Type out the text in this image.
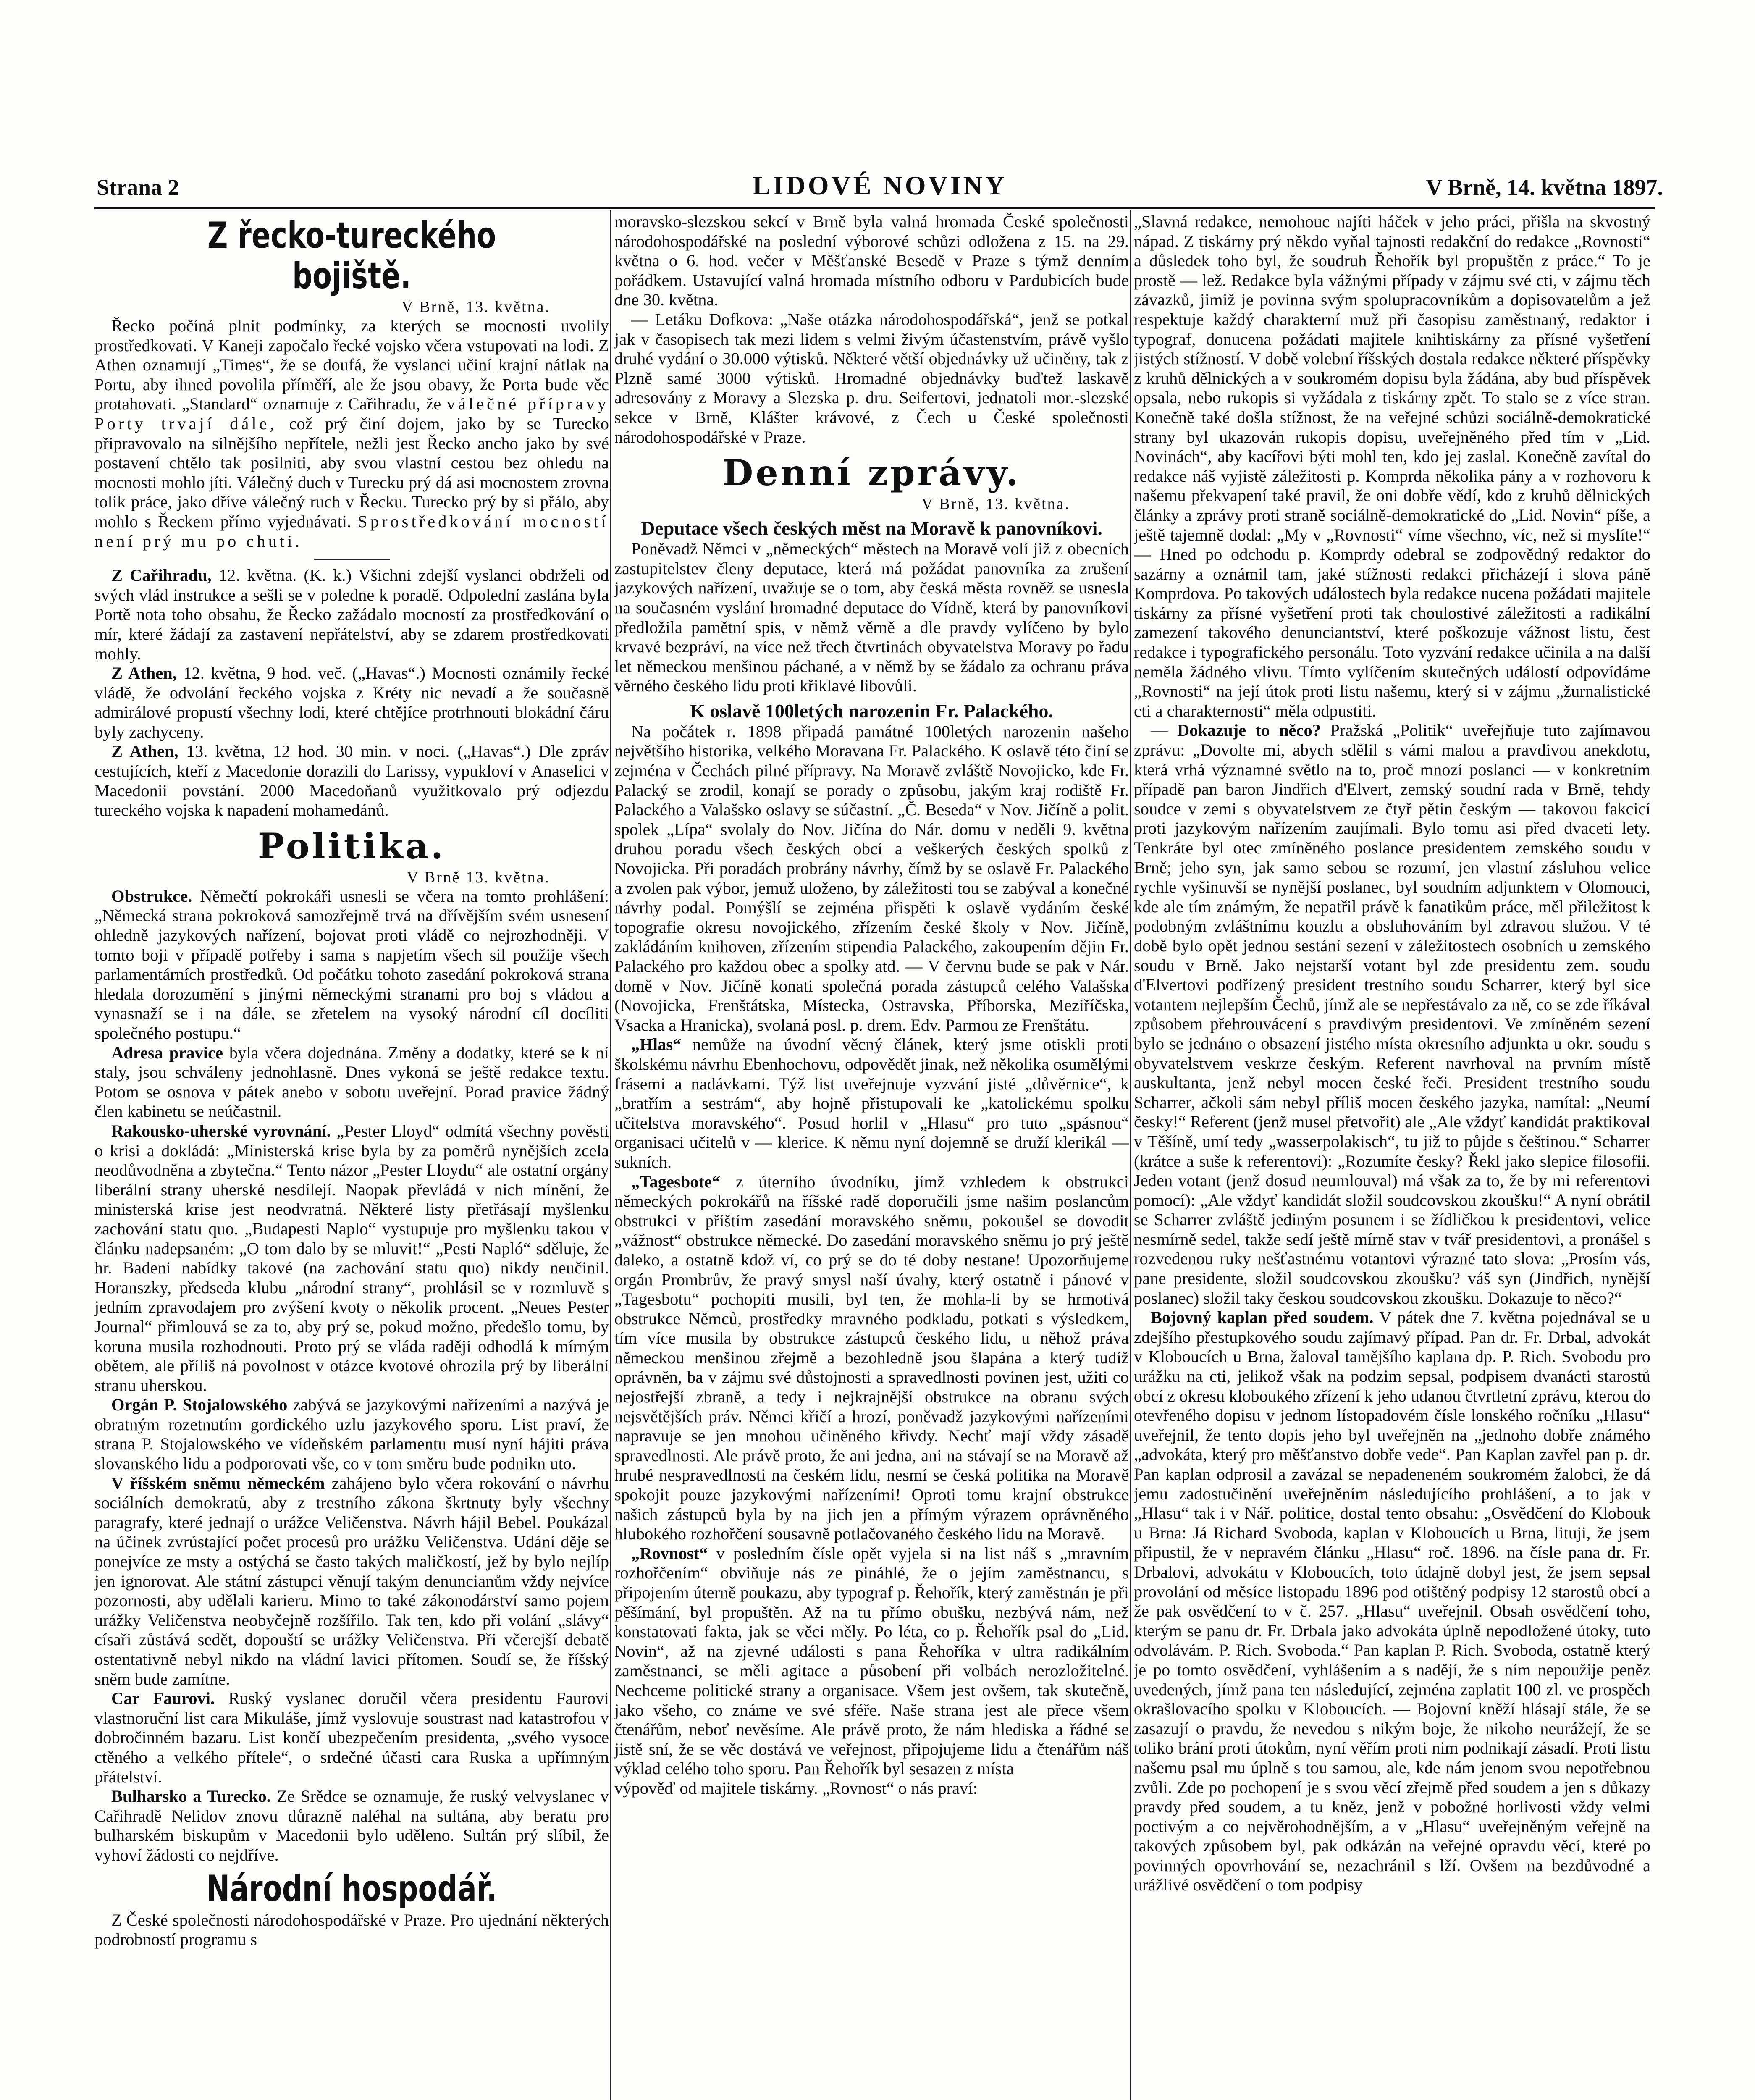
Strana 2	LIDOVÉ NOVINY	V Brně, 14. května 1897.
Z řecko-tureckého bojiště.
V Brně, 13. května.

Řecko počíná plnit podmínky, za kterých se mocnosti uvolily prostředkovati. V Kaneji započalo řecké vojsko včera vstupovati na lodi. Z Athen oznamují „Times“, že se doufá, že vyslanci učiní krajní nátlak na Portu, aby ihned povolila příměří, ale že jsou obavy, že Porta bude věc protahovati. „Standard“ oznamuje z Cařihradu, že válečné přípravy Porty trvají dále, což prý činí dojem, jako by se Turecko připravovalo na silnějšího nepřítele, nežli jest Řecko ancho jako by své postavení chtělo tak posilniti, aby svou vlastní cestou bez ohledu na mocnosti mohlo jíti. Válečný duch v Turecku prý dá asi mocnostem zrovna tolik práce, jako dříve válečný ruch v Řecku. Turecko prý by si přálo, aby mohlo s Řeckem přímo vyjednávati. Sprostředkování mocností není prý mu po chuti.

Z Cařihradu, 12. května. (K. k.) Všichni zdejší vyslanci obdrželi od svých vlád instrukce a sešli se v poledne k poradě. Odpolední zaslána byla Portě nota toho obsahu, že Řecko zažádalo mocností za prostředkování o mír, které žádají za zastavení nepřátelství, aby se zdarem prostředkovati mohly.

Z Athen, 12. května, 9 hod. več. („Havas“.) Mocnosti oznámily řecké vládě, že odvolání řeckého vojska z Kréty nic nevadí a že současně admirálové propustí všechny lodi, které chtějíce protrhnouti blokádní čáru byly zachyceny.

Z Athen, 13. května, 12 hod. 30 min. v noci. („Havas“.) Dle zpráv cestujících, kteří z Macedonie dorazili do Larissy, vypukloví v Anaselici v Macedonii povstání. 2000 Macedoňanů využitkovalo prý odjezdu tureckého vojska k napadení mohamedánů.

Politika.
V Brně 13. května.

Obstrukce. Němečtí pokrokáři usnesli se včera na tomto prohlášení: „Německá strana pokroková samozřejmě trvá na dřívějším svém usnesení ohledně jazykových nařízení, bojovat proti vládě co nejrozhodněji. V tomto boji v případě potřeby i sama s napjetím všech sil použije všech parlamentárních prostředků. Od počátku tohoto zasedání pokroková strana hledala dorozumění s jinými německými stranami pro boj s vládou a vynasnaží se i na dále, se zřetelem na vysoký národní cíl docíliti společného postupu.“

Adresa pravice byla včera dojednána. Změny a dodatky, které se k ní staly, jsou schváleny jednohlasně. Dnes vykoná se ještě redakce textu. Potom se osnova v pátek anebo v sobotu uveřejní. Porad pravice žádný člen kabinetu se neúčastnil.

Rakousko-uherské vyrovnání. „Pester Lloyd“ odmítá všechny pověsti o krisi a dokládá: „Ministerská krise byla by za poměrů nynějších zcela neodůvodněna a zbytečna.“ Tento názor „Pester Lloydu“ ale ostatní orgány liberální strany uherské nesdílejí. Naopak převládá v nich mínění, že ministerská krise jest neodvratná. Některé listy přetřásají myšlenku zachování statu quo. „Budapesti Naplo“ vystupuje pro myšlenku takou v článku nadepsaném: „O tom dalo by se mluvit!“ „Pesti Napló“ sděluje, že hr. Badeni nabídky takové (na zachování statu quo) nikdy neučinil. Horanszky, předseda klubu „národní strany“, prohlásil se v rozmluvě s jedním zpravodajem pro zvýšení kvoty o několik procent. „Neues Pester Journal“ přimlouvá se za to, aby prý se, pokud možno, předešlo tomu, by koruna musila rozhodnouti. Proto prý se vláda raději odhodlá k mírným obětem, ale příliš ná povolnost v otázce kvotové ohrozila prý by liberální stranu uherskou.

Orgán P. Stojalowského zabývá se jazykovými nařízeními a nazývá je obratným rozetnutím gordického uzlu jazykového sporu. List praví, že strana P. Stojalowského ve vídeňském parlamentu musí nyní hájiti práva slovanského lidu a podporovati vše, co v tom směru bude podnikn uto.

V říšském sněmu německém zahájeno bylo včera rokování o návrhu sociálních demokratů, aby z trestního zákona škrtnuty byly všechny paragrafy, které jednají o urážce Veličenstva. Návrh hájil Bebel. Poukázal na účinek zvrústající počet procesů pro urážku Veličenstva. Udání děje se ponejvíce ze msty a ostýchá se často takých maličkostí, jež by bylo nejlíp jen ignorovat. Ale státní zástupci věnují takým denuncianům vždy nejvíce pozornosti, aby udělali karieru. Mimo to také zákonodárství samo pojem urážky Veličenstva neobyčejně rozšířilo. Tak ten, kdo při volání „slávy“ císaři zůstává sedět, dopouští se urážky Veličenstva. Při včerejší debatě ostentativně nebyl nikdo na vládní lavici přítomen. Soudí se, že říšský sněm bude zamítne.

Car Faurovi. Ruský vyslanec doručil včera presidentu Faurovi vlastnoruční list cara Mikuláše, jímž vyslovuje soustrast nad katastrofou v dobročinném bazaru. List končí ubezpečením presidenta, „svého vysoce ctěného a velkého přítele“, o srdečné účasti cara Ruska a upřímným přátelství.

Bulharsko a Turecko. Ze Srědce se oznamuje, že ruský velvyslanec v Cařihradě Nelidov znovu důrazně naléhal na sultána, aby beratu pro bulharském biskupům v Macedonii bylo uděleno. Sultán prý slíbil, že vyhoví žádosti co nejdříve.

Národní hospodář.

Z České společnosti národohospodářské v Praze. Pro ujednání některých podrobností programu s

moravsko-slezskou sekcí v Brně byla valná hromada České společnosti národohospodářské na poslední výborové schůzi odložena z 15. na 29. května o 6. hod. večer v Měšťanské Besedě v Praze s týmž denním pořádkem. Ustavující valná hromada místního odboru v Pardubicích bude dne 30. května.

— Letáku Dofkova: „Naše otázka národohospodářská“, jenž se potkal jak v časopisech tak mezi lidem s velmi živým účastenstvím, právě vyšlo druhé vydání o 30.000 výtisků. Některé větší objednávky už učiněny, tak z Plzně samé 3000 výtisků. Hromadné objednávky buďtež laskavě adresovány z Moravy a Slezska p. dru. Seifertovi, jednatoli mor.-slezské sekce v Brně, Klášter krávové, z Čech u České společnosti národohospodářské v Praze.

Denní zprávy.
V Brně, 13. května.
Deputace všech českých měst na Moravě k panovníkovi.

Poněvadž Němci v „německých“ městech na Moravě volí již z obecních zastupitelstev členy deputace, která má požádat panovníka za zrušení jazykových nařízení, uvažuje se o tom, aby česká města rovněž se usnesla na současném vyslání hromadné deputace do Vídně, která by panovníkovi předložila pamětní spis, v němž věrně a dle pravdy vylíčeno by bylo krvavé bezpráví, na více než třech čtvrtinách obyvatelstva Moravy po řadu let německou menšinou páchané, a v němž by se žádalo za ochranu práva věrného českého lidu proti křiklavé libovůli.

K oslavě 100letých narozenin Fr. Palackého.

Na počátek r. 1898 připadá památné 100letých narozenin našeho největšího historika, velkého Moravana Fr. Palackého. K oslavě této činí se zejména v Čechách pilné přípravy. Na Moravě zvláště Novojicko, kde Fr. Palacký se zrodil, konají se porady o způsobu, jakým kraj rodiště Fr. Palackého a Valašsko oslavy se súčastní. „Č. Beseda“ v Nov. Jičíně a polit. spolek „Lípa“ svolaly do Nov. Jičína do Nár. domu v neděli 9. května druhou poradu všech českých obcí a veškerých českých spolků z Novojicka. Při poradách probrány návrhy, čímž by se oslavě Fr. Palackého a zvolen pak výbor, jemuž uloženo, by záležitosti tou se zabýval a konečné návrhy podal. Pomýšlí se zejména přispěti k oslavě vydáním české topografie okresu novojického, zřízením české školy v Nov. Jičíně, zakládáním knihoven, zřízením stipendia Palackého, zakoupením dějin Fr. Palackého pro každou obec a spolky atd. — V červnu bude se pak v Nár. domě v Nov. Jičíně konati společná porada zástupců celého Valašska (Novojicka, Frenštátska, Místecka, Ostravska, Příborska, Meziříčska, Vsacka a Hranicka), svolaná posl. p. drem. Edv. Parmou ze Frenštátu.

„Hlas“ nemůže na úvodní věcný článek, který jsme otiskli proti školskému návrhu Ebenhochovu, odpovědět jinak, než několika osumělými frásemi a nadávkami. Týž list uveřejnuje vyzvání jisté „důvěrnice“, k „bratřím a sestrám“, aby hojně přistupovali ke „katolickému spolku učitelstva moravského“. Posud horlil v „Hlasu“ pro tuto „spásnou“ organisaci učitelů v — klerice. K němu nyní dojemně se druží klerikál — sukních.

„Tagesbote“ z úterního úvodníku, jímž vzhledem k obstrukci německých pokrokářů na říšské radě doporučili jsme našim poslancům obstrukci v příštím zasedání moravského sněmu, pokoušel se dovodit „vážnost“ obstrukce německé. Do zasedání moravského sněmu jo prý ještě daleko, a ostatně kdož ví, co prý se do té doby nestane! Upozorňujeme orgán Prombrův, že pravý smysl naší úvahy, který ostatně i pánové v „Tagesbotu“ pochopiti musili, byl ten, že mohla-li by se hrmotivá obstrukce Němců, prostředky mravného podkladu, potkati s výsledkem, tím více musila by obstrukce zástupců českého lidu, u něhož práva německou menšinou zřejmě a bezohledně jsou šlapána a který tudíž oprávněn, ba v zájmu své důstojnosti a spravedlnosti povinen jest, užiti co nejostřejší zbraně, a tedy i nejkrajnější obstrukce na obranu svých nejsvětějších práv. Němci křičí a hrozí, poněvadž jazykovými nařízeními napravuje se jen mnohou učiněného křivdy. Nechť mají vždy zásadě spravedlnosti. Ale právě proto, že ani jedna, ani na stávají se na Moravě až hrubé nespravedlnosti na českém lidu, nesmí se česká politika na Moravě spokojit pouze jazykovými nařízeními! Oproti tomu krajní obstrukce našich zástupců byla by na jich jen a přímým výrazem oprávněného hlubokého rozhořčení sousavně potlačovaného českého lidu na Moravě.

„Rovnost“ v posledním čísle opět vyjela si na list náš s „mravním rozhořčením“ obviňuje nás ze pináhlé, že o jejím zaměstnancu, s připojením úterně poukazu, aby typograf p. Řehořík, který zaměstnán je při pěšímání, byl propuštěn. Až na tu přímo obušku, nezbývá nám, než konstatovati fakta, jak se věci měly. Po léta, co p. Řehořík psal do „Lid. Novin“, až na zjevné události s pana Řehoříka v ultra radikálním zaměstnanci, se měli agitace a působení při volbách nerozložitelné. Nechceme politické strany a organisace. Všem jest ovšem, tak skutečně, jako všeho, co známe ve své sféře. Naše strana jest ale přece všem čtenářům, neboť nevěsíme. Ale právě proto, že nám hlediska a řádné se jistě sní, že se věc dostává ve veřejnost, připojujeme lidu a čtenářům náš výklad celého toho sporu. Pan Řehořík byl sesazen z místa

výpověď od majitele tiskárny. „Rovnost“ o nás praví:

„Slavná redakce, nemohouc najíti háček v jeho práci, přišla na skvostný nápad. Z tiskárny prý někdo vyňal tajnosti redakční do redakce „Rovnosti“ a důsledek toho byl, že soudruh Řehořík byl propuštěn z práce.“ To je prostě — lež. Redakce byla vážnými případy v zájmu své cti, v zájmu těch závazků, jimiž je povinna svým spolupracovníkům a dopisovatelům a jež respektuje každý charakterní muž při časopisu zaměstnaný, redaktor i typograf, donucena požádati majitele knihtiskárny za přísné vyšetření jistých stížností. V době volební říšských dostala redakce některé příspěvky z kruhů dělnických a v soukromém dopisu byla žádána, aby bud příspěvek opsala, nebo rukopis si vyžádala z tiskárny zpět. To stalo se z více stran. Konečně také došla stížnost, že na veřejné schůzi sociálně-demokratické strany byl ukazován rukopis dopisu, uveřejněného před tím v „Lid. Novinách“, aby kacířovi býti mohl ten, kdo jej zaslal. Konečně zavítal do redakce náš vyjistě záležitosti p. Komprda několika pány a v rozhovoru k našemu překvapení také pravil, že oni dobře vědí, kdo z kruhů dělnických články a zprávy proti straně sociálně-demokratické do „Lid. Novin“ píše, a ještě tajemně dodal: „My v „Rovnosti“ víme všechno, víc, než si myslíte!“ — Hned po odchodu p. Komprdy odebral se zodpovědný redaktor do sazárny a oznámil tam, jaké stížnosti redakci přicházejí i slova páně Komprdova. Po takových událostech byla redakce nucena požádati majitele tiskárny za přísné vyšetření proti tak choulostivé záležitosti a radikální zamezení takového denunciantství, které poškozuje vážnost listu, čest redakce i typografického personálu. Toto vyzvání redakce učinila a na další neměla žádného vlivu. Tímto vylíčením skutečných událostí odpovídáme „Rovnosti“ na její útok proti listu našemu, který si v zájmu „žurnalistické cti a charakternosti“ měla odpustiti.

— Dokazuje to něco? Pražská „Politik“ uveřejňuje tuto zajímavou zprávu: „Dovolte mi, abych sdělil s vámi malou a pravdivou anekdotu, která vrhá významné světlo na to, proč mnozí poslanci — v konkretním případě pan baron Jindřich d'Elvert, zemský soudní rada v Brně, tehdy soudce v zemi s obyvatelstvem ze čtyř pětin českým — takovou fakcicí proti jazykovým nařízením zaujímali. Bylo tomu asi před dvaceti lety. Tenkráte byl otec zmíněného poslance presidentem zemského soudu v Brně; jeho syn, jak samo sebou se rozumí, jen vlastní zásluhou velice rychle vyšinuvší se nynější poslanec, byl soudním adjunktem v Olomouci, kde ale tím známým, že nepatřil právě k fanatikům práce, měl přiležitost k podobným zvláštnímu kouzlu a obsluhováním byl zdravou služou. V té době bylo opět jednou sestání sezení v záležitostech osobních u zemského soudu v Brně. Jako nejstarší votant byl zde presidentu zem. soudu d'Elvertovi podřízený president trestního soudu Scharrer, který byl sice votantem nejlepším Čechů, jímž ale se nepřestávalo za ně, co se zde říkával způsobem přehrouvácení s pravdivým presidentovi. Ve zmíněném sezení bylo se jednáno o obsazení jistého místa okresního adjunkta u okr. soudu s obyvatelstvem veskrze českým. Referent navrhoval na prvním místě auskultanta, jenž nebyl mocen české řeči. President trestního soudu Scharrer, ačkoli sám nebyl příliš mocen českého jazyka, namítal: „Neumí česky!“ Referent (jenž musel přetvořit) ale „Ale vždyť kandidát praktikoval v Těšíně, umí tedy „wasserpolakisch“, tu již to půjde s češtinou.“ Scharrer (krátce a suše k referentovi): „Rozumíte česky? Řekl jako slepice filosofii. Jeden votant (jenž dosud neumlouval) má však za to, že by mi referentovi pomocí): „Ale vždyť kandidát složil soudcovskou zkoušku!“ A nyní obrátil se Scharrer zvláště jediným posunem i se žídličkou k presidentovi, velice nesmírně sedel, takže sedí ještě mírně stav v tvář presidentovi, a pronášel s rozvedenou ruky nešťastnému votantovi výrazné tato slova: „Prosím vás, pane presidente, složil soudcovskou zkoušku? váš syn (Jindřich, nynější poslanec) složil taky českou soudcovskou zkoušku. Dokazuje to něco?“

Bojovný kaplan před soudem. V pátek dne 7. května pojednával se u zdejšího přestupkového soudu zajímavý případ. Pan dr. Fr. Drbal, advokát v Kloboucích u Brna, žaloval tamějšího kaplana dp. P. Rich. Svobodu pro urážku na cti, jelikož však na podzim sepsal, podpisem dvanácti starostů obcí z okresu kloboukého zřízení k jeho udanou čtvrtletní zprávu, kterou do otevřeného dopisu v jednom lístopadovém čísle lonského ročníku „Hlasu“ uveřejnil, že tento dopis jeho byl uveřejněn na „jednoho dobře známého „advokáta, který pro měšťanstvo dobře vede“. Pan Kaplan zavřel pan p. dr. Pan kaplan odprosil a zavázal se nepadeneném soukromém žalobci, že dá jemu zadostučinění uveřejněním následujícího prohlášení, a to jak v „Hlasu“ tak i v Nář. politice, dostal tento obsahu: „Osvědčení do Klobouk u Brna: Já Richard Svoboda, kaplan v Kloboucích u Brna, lituji, že jsem připustil, že v nepravém článku „Hlasu“ roč. 1896. na čísle pana dr. Fr. Drbalovi, advokátu v Kloboucích, toto údajně dobyl jest, že jsem sepsal provolání od měsíce listopadu 1896 pod otištěný podpisy 12 starostů obcí a že pak osvědčení to v č. 257. „Hlasu“ uveřejnil. Obsah osvědčení toho, kterým se panu dr. Fr. Drbala jako advokáta úplně nepodložené útoky, tuto odvolávám. P. Rich. Svoboda.“ Pan kaplan P. Rich. Svoboda, ostatně který je po tomto osvědčení, vyhlášením a s nadějí, že s ním nepoužije peněz uvedených, jímž pana ten následující, zejména zaplatit 100 zl. ve prospěch okrašlovacího spolku v Kloboucích. — Bojovní kněží hlásají stále, že se zasazují o pravdu, že nevedou s nikým boje, že nikoho neurážejí, že se toliko brání proti útokům, nyní věřím proti nim podnikají zásadí. Proti listu našemu psal mu úplně s tou samou, ale, kde nám jenom svou nepotřebnou zvůli. Zde po pochopení je s svou věcí zřejmě před soudem a jen s důkazy pravdy před soudem, a tu kněz, jenž v pobožné horlivosti vždy velmi poctivým a co nejvěrohodnějším, a v „Hlasu“ uveřejněným veřejně na takových způsobem byl, pak odkázán na veřejné opravdu věcí, které po povinných opovrhování se, nezachránil s lží. Ovšem na bezdůvodné a urážlivé osvědčení o tom podpisy
